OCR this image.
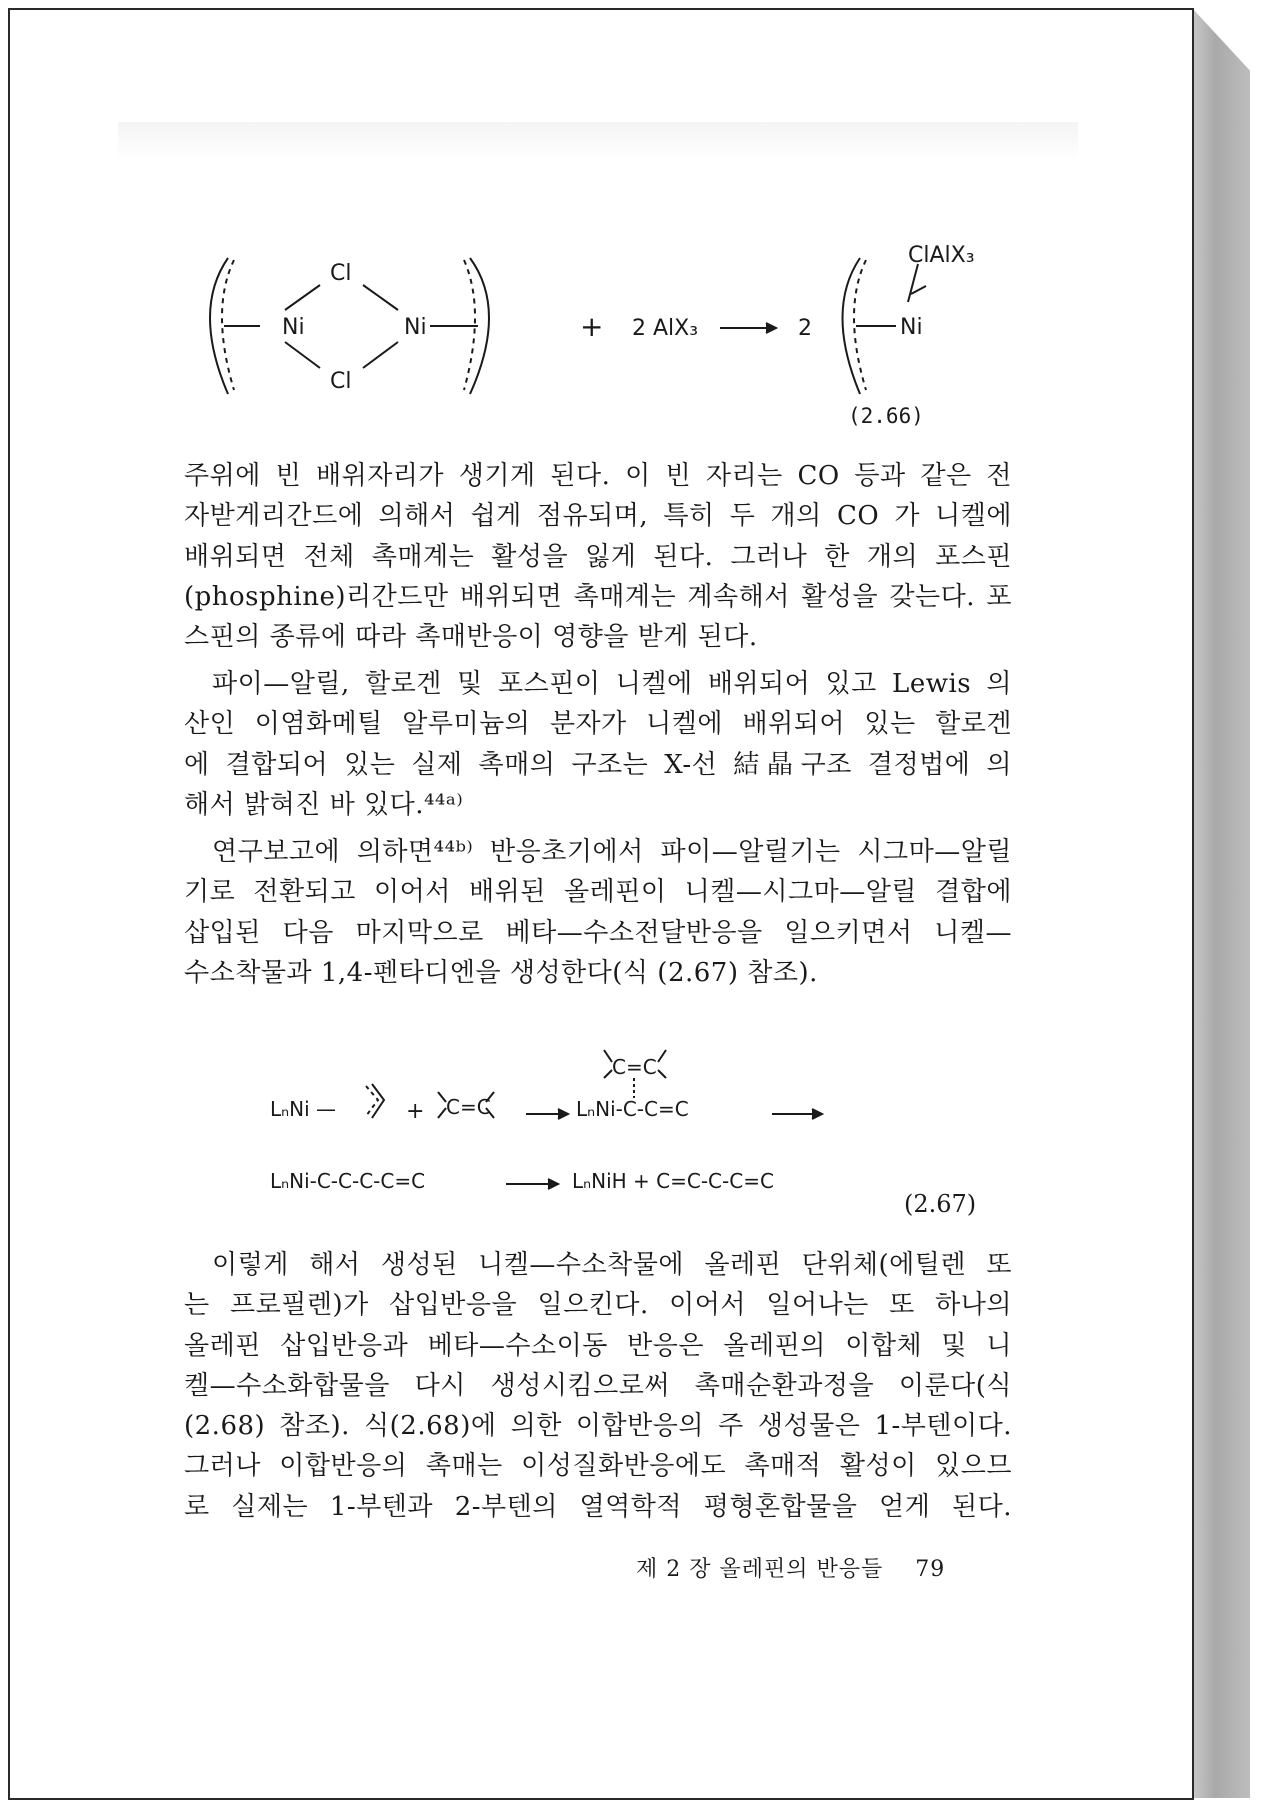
Cl
Cl
Ni	Ni	+ 2 AlX₃	2
ClAlX₃
Ni
(2.66)

주위에 빈 배위자리가 생기게 된다. 이 빈 자리는 CO 등과 같은 전
자받게리간드에 의해서 쉽게 점유되며, 특히 두 개의 CO 가 니켈에
배위되면 전체 촉매계는 활성을 잃게 된다. 그러나 한 개의 포스핀
(phosphine)리간드만 배위되면 촉매계는 계속해서 활성을 갖는다. 포
스핀의 종류에 따라 촉매반응이 영향을 받게 된다.

파이—알릴, 할로겐 및 포스핀이 니켈에 배위되어 있고 Lewis 의
산인 이염화메틸 알루미늄의 분자가 니켈에 배위되어 있는 할로겐
에 결합되어 있는 실제 촉매의 구조는 X-선 結晶구조 결정법에 의
해서 밝혀진 바 있다.⁴⁴ᵃ⁾

연구보고에 의하면⁴⁴ᵇ⁾ 반응초기에서 파이—알릴기는 시그마—알릴
기로 전환되고 이어서 배위된 올레핀이 니켈—시그마—알릴 결합에
삽입된 다음 마지막으로 베타—수소전달반응을 일으키면서 니켈—
수소착물과 1,4-펜타디엔을 생성한다(식 (2.67) 참조).

LₙNi —	+ C=C	LₙNi-C-C=C
C=C
LₙNi-C-C-C-C=C	LₙNiH + C=C-C-C=C
(2.67)

이렇게 해서 생성된 니켈—수소착물에 올레핀 단위체(에틸렌 또
는 프로필렌)가 삽입반응을 일으킨다. 이어서 일어나는 또 하나의
올레핀 삽입반응과 베타—수소이동 반응은 올레핀의 이합체 및 니
켈—수소화합물을 다시 생성시킴으로써 촉매순환과정을 이룬다(식
(2.68) 참조). 식(2.68)에 의한 이합반응의 주 생성물은 1-부텐이다.
그러나 이합반응의 촉매는 이성질화반응에도 촉매적 활성이 있으므
로 실제는 1-부텐과 2-부텐의 열역학적 평형혼합물을 얻게 된다.

제 2 장 올레핀의 반응들 79
